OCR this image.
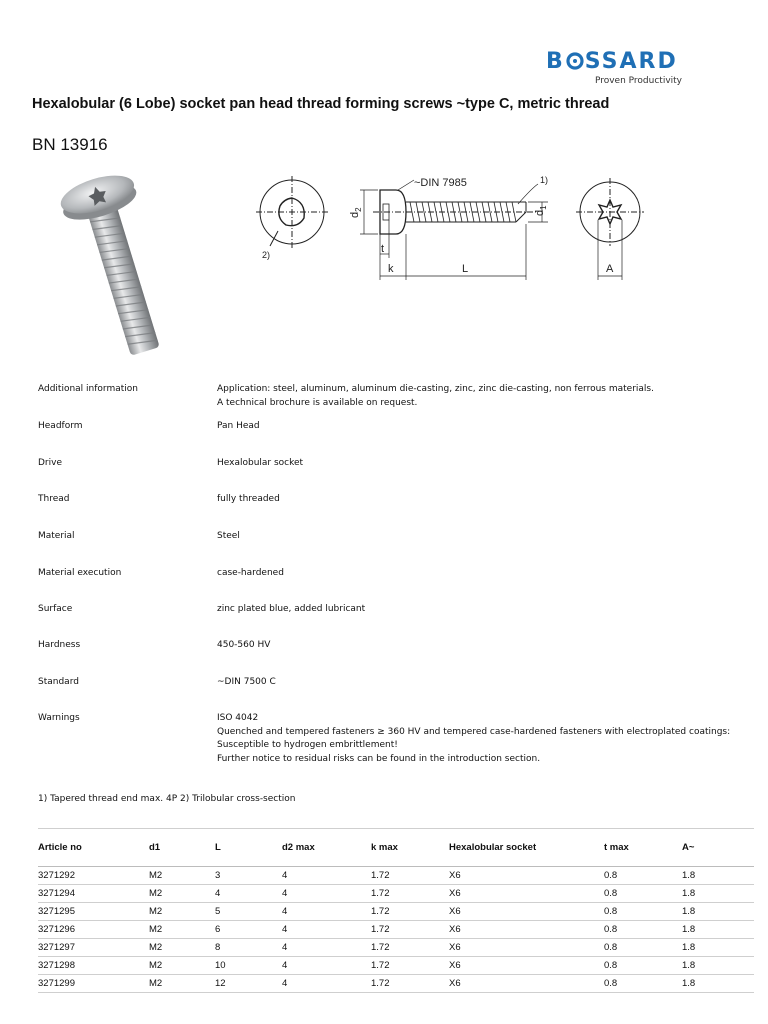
B SSARD
Proven Productivity
Hexalobular (6 Lobe) socket pan head thread forming screws ~type C, metric thread
BN 13916
2)
$d_2$
$d_1$
~DIN 7985	1)
t
k	L	A
Additional information	Application: steel, aluminum, aluminum die-casting, zinc, zinc die-casting, non ferrous materials.
A technical brochure is available on request.
Headform	Pan Head
Drive	Hexalobular socket
Thread	fully threaded
Material	Steel
Material execution	case-hardened
Surface	zinc plated blue, added lubricant
Hardness	450-560 HV
Standard	~DIN 7500 C
Warnings	ISO 4042
Quenched and tempered fasteners ≥ 360 HV and tempered case-hardened fasteners with electroplated coatings:
Susceptible to hydrogen embrittlement!
Further notice to residual risks can be found in the introduction section.
1) Tapered thread end max. 4P 2) Trilobular cross-section
Article no	d1	L	d2 max	k max	Hexalobular socket	t max	A~
3271292	M2	3	4	1.72	X6	0.8	1.8
3271294	M2	4	4	1.72	X6	0.8	1.8
3271295	M2	5	4	1.72	X6	0.8	1.8
3271296	M2	6	4	1.72	X6	0.8	1.8
3271297	M2	8	4	1.72	X6	0.8	1.8
3271298	M2	10	4	1.72	X6	0.8	1.8
3271299	M2	12	4	1.72	X6	0.8	1.8
